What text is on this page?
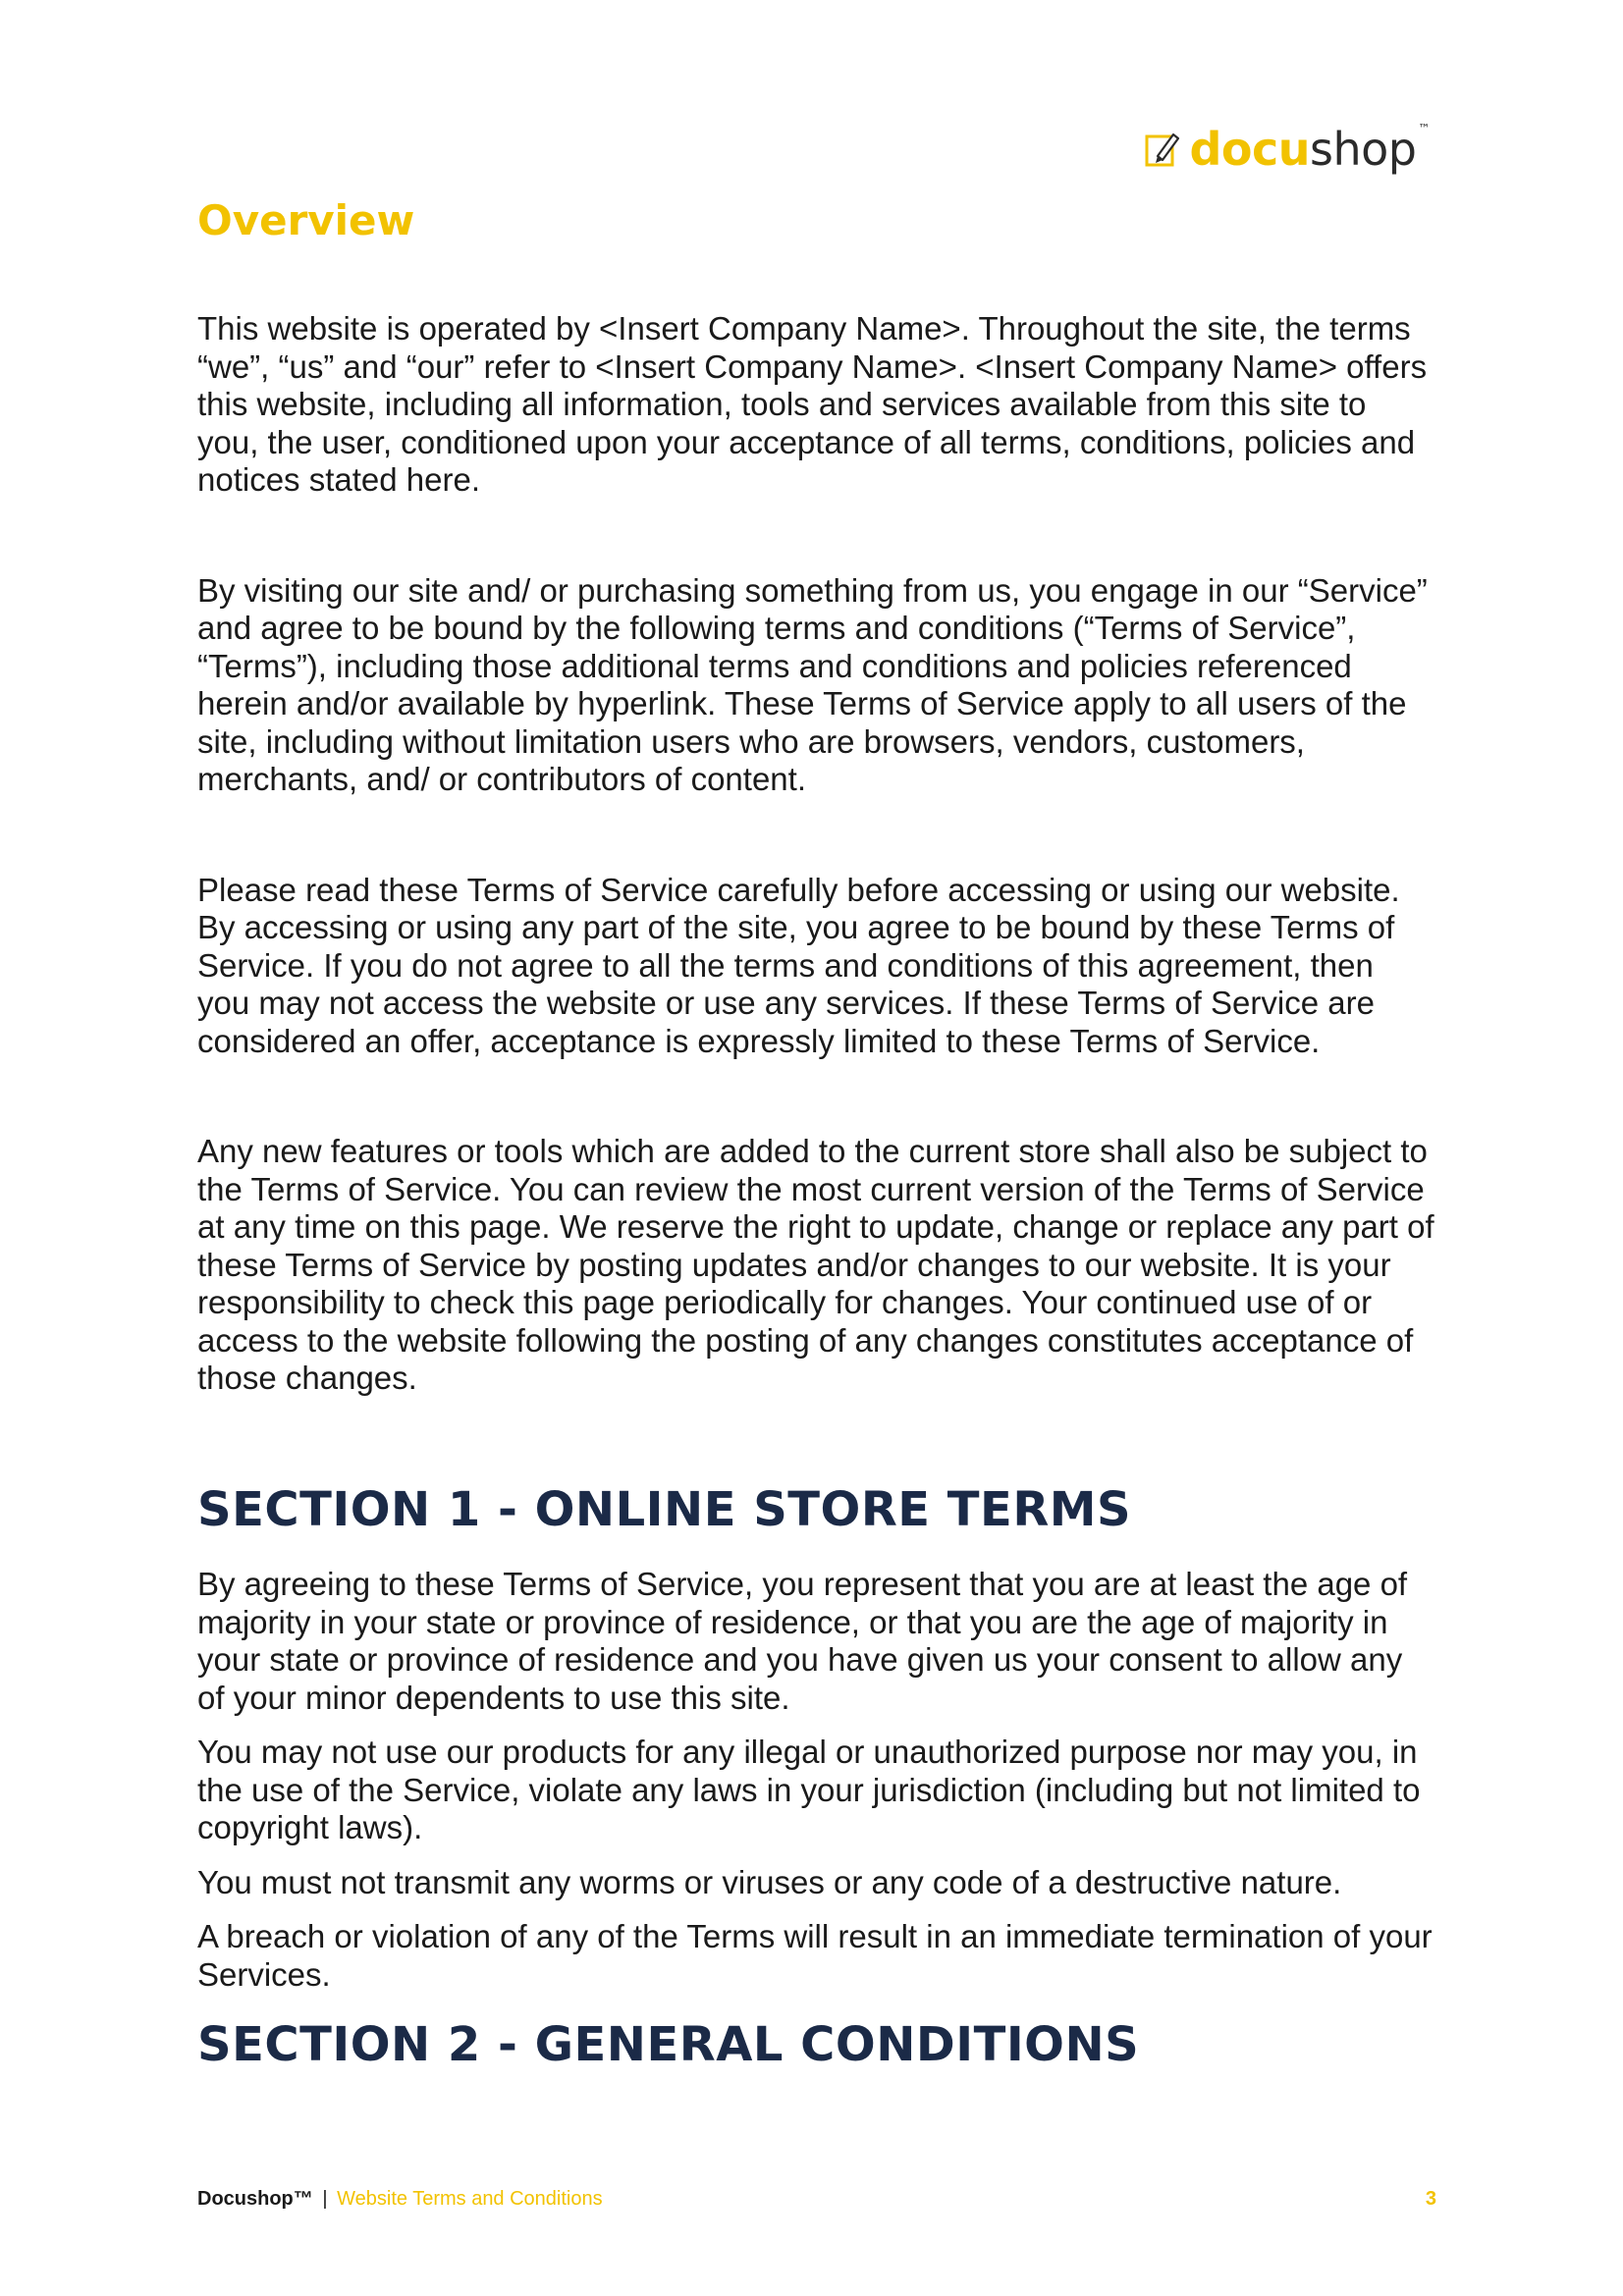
docushop ™
Overview

This website is operated by <Insert Company Name>. Throughout the site, the terms “we”, “us” and “our” refer to <Insert Company Name>. <Insert Company Name> offers this website, including all information, tools and services available from this site to you, the user, conditioned upon your acceptance of all terms, conditions, policies and notices stated here.

By visiting our site and/ or purchasing something from us, you engage in our “Service” and agree to be bound by the following terms and conditions (“Terms of Service”, “Terms”), including those additional terms and conditions and policies referenced herein and/or available by hyperlink. These Terms of Service apply to all users of the site, including without limitation users who are browsers, vendors, customers, merchants, and/ or contributors of content.

Please read these Terms of Service carefully before accessing or using our website. By accessing or using any part of the site, you agree to be bound by these Terms of Service. If you do not agree to all the terms and conditions of this agreement, then you may not access the website or use any services. If these Terms of Service are considered an offer, acceptance is expressly limited to these Terms of Service.

Any new features or tools which are added to the current store shall also be subject to the Terms of Service. You can review the most current version of the Terms of Service at any time on this page. We reserve the right to update, change or replace any part of these Terms of Service by posting updates and/or changes to our website. It is your responsibility to check this page periodically for changes. Your continued use of or access to the website following the posting of any changes constitutes acceptance of those changes.

SECTION 1 - ONLINE STORE TERMS

By agreeing to these Terms of Service, you represent that you are at least the age of majority in your state or province of residence, or that you are the age of majority in your state or province of residence and you have given us your consent to allow any of your minor dependents to use this site.

You may not use our products for any illegal or unauthorized purpose nor may you, in the use of the Service, violate any laws in your jurisdiction (including but not limited to copyright laws).

You must not transmit any worms or viruses or any code of a destructive nature.

A breach or violation of any of the Terms will result in an immediate termination of your Services.

SECTION 2 - GENERAL CONDITIONS
Docushop™ | Website Terms and Conditions	3
